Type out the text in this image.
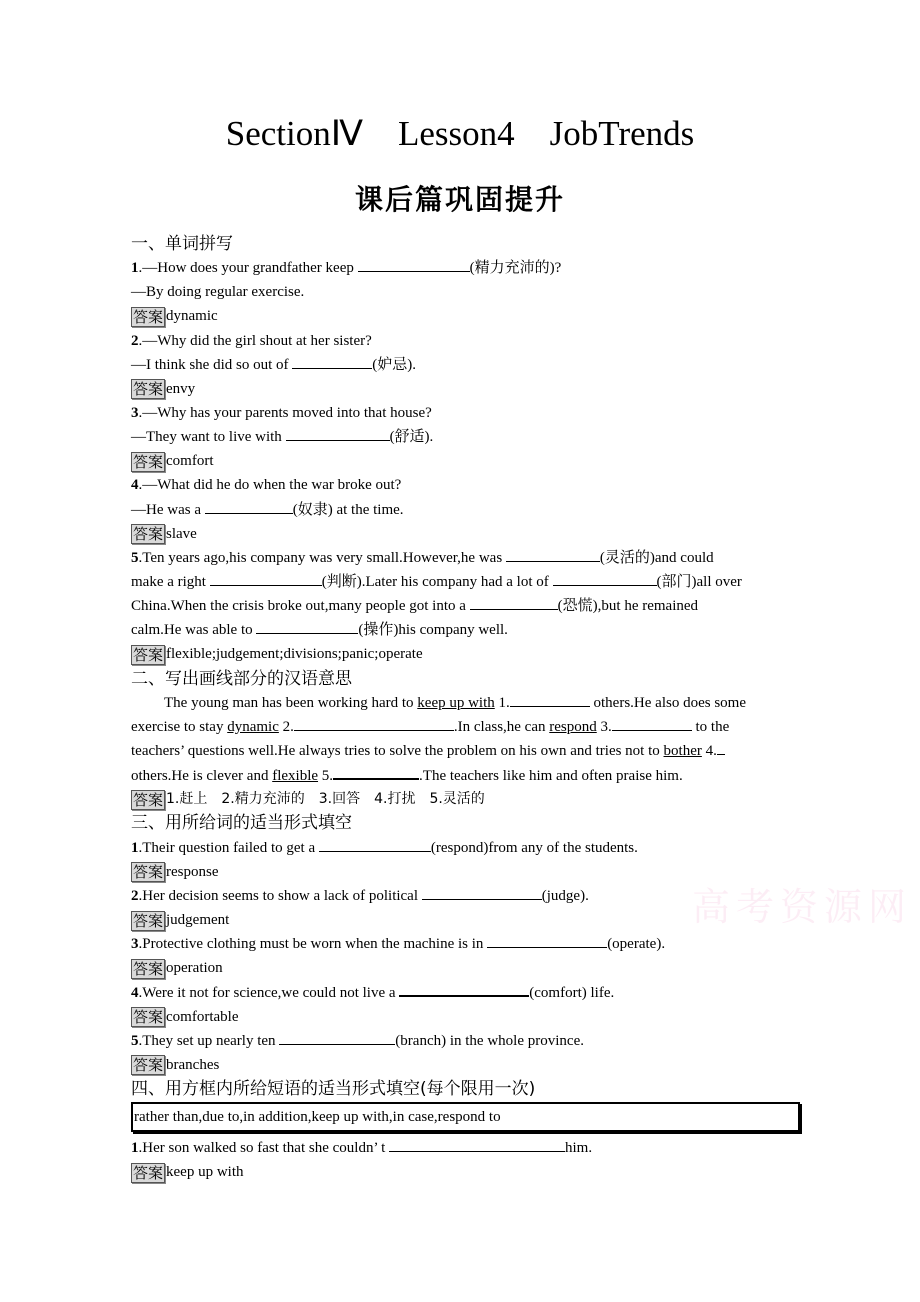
SectionⅣ    Lesson4    JobTrends
课后篇巩固提升
高考资源网
一、单词拼写
1.—How does your grandfather keep	(精力充沛的)?
—By doing regular exercise.
答案 dynamic
2.—Why did the girl shout at her sister?
—I think she did so out of	(妒忌).
答案 envy
3.—Why has your parents moved into that house?
—They want to live with	(舒适).
答案 comfort
4.—What did he do when the war broke out?
—He was a	(奴隶) at the time.
答案 slave
5.Ten years ago,his company was very small.However,he was	(灵活的)and could
make a right	(判断).Later his company had a lot of	(部门)all over
China.When the crisis broke out,many people got into a	(恐慌),but he remained
calm.He was able to	(操作)his company well.
答案 flexible;judgement;divisions;panic;operate
二、写出画线部分的汉语意思
The young man has been working hard to keep up with 1.	others.He also does some
exercise to stay dynamic 2.	.In class,he can respond 3.	to the
teachers’ questions well.He always tries to solve the problem on his own and tries not to bother 4.
others.He is clever and flexible 5.	.The teachers like him and often praise him.
答案 1.赶上　2.精力充沛的　3.回答　4.打扰　5.灵活的
三、用所给词的适当形式填空
1.Their question failed to get a	(respond)from any of the students.
答案 response
2.Her decision seems to show a lack of political	(judge).
答案 judgement
3.Protective clothing must be worn when the machine is in	(operate).
答案 operation
4.Were it not for science,we could not live a	(comfort) life.
答案 comfortable
5.They set up nearly ten	(branch) in the whole province.
答案 branches
四、用方框内所给短语的适当形式填空(每个限用一次)
rather than,due to,in addition,keep up with,in case,respond to
1.Her son walked so fast that she couldn’ t	him.
答案 keep up with
